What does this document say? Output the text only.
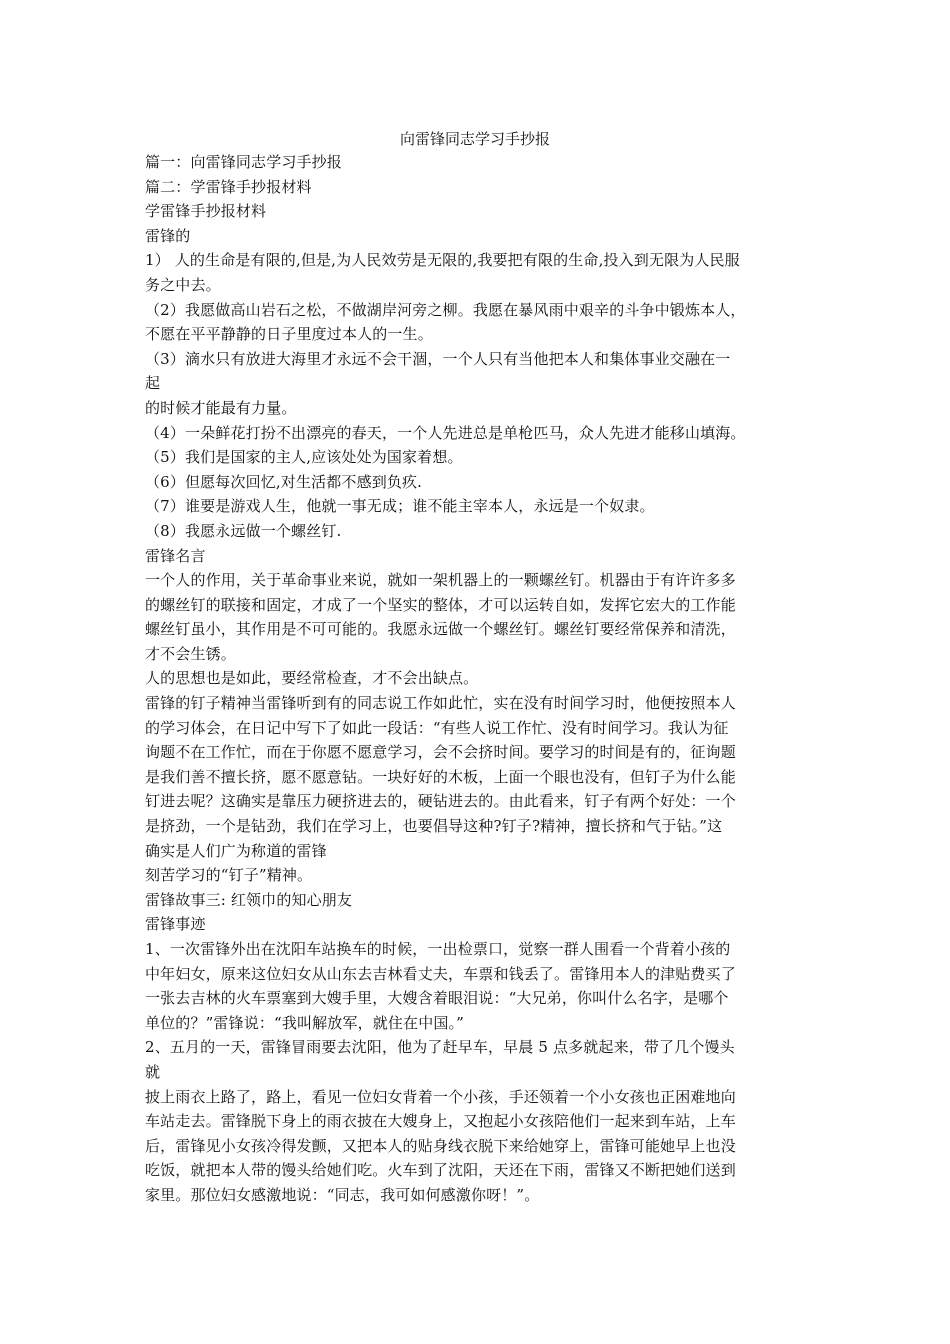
向雷锋同志学习手抄报
篇一：向雷锋同志学习手抄报
篇二：学雷锋手抄报材料
学雷锋手抄报材料
雷锋的
1） 人的生命是有限的,但是,为人民效劳是无限的,我要把有限的生命,投入到无限为人民服
务之中去。
（2）我愿做高山岩石之松，不做湖岸河旁之柳。我愿在暴风雨中艰辛的斗争中锻炼本人，
不愿在平平静静的日子里度过本人的一生。
（3）滴水只有放进大海里才永远不会干涸，一个人只有当他把本人和集体事业交融在一
起
的时候才能最有力量。
（4）一朵鲜花打扮不出漂亮的春天，一个人先进总是单枪匹马，众人先进才能移山填海。
（5）我们是国家的主人,应该处处为国家着想。
（6）但愿每次回忆,对生活都不感到负疚.
（7）谁要是游戏人生，他就一事无成；谁不能主宰本人，永远是一个奴隶。
（8）我愿永远做一个螺丝钉.
雷锋名言
一个人的作用，关于革命事业来说，就如一架机器上的一颗螺丝钉。机器由于有许许多多
的螺丝钉的联接和固定，才成了一个坚实的整体，才可以运转自如，发挥它宏大的工作能
螺丝钉虽小，其作用是不可可能的。我愿永远做一个螺丝钉。螺丝钉要经常保养和清洗，
才不会生锈。
人的思想也是如此，要经常检查，才不会出缺点。
雷锋的钉子精神当雷锋听到有的同志说工作如此忙，实在没有时间学习时，他便按照本人
的学习体会，在日记中写下了如此一段话：“有些人说工作忙、没有时间学习。我认为征
询题不在工作忙，而在于你愿不愿意学习，会不会挤时间。要学习的时间是有的，征询题
是我们善不擅长挤，愿不愿意钻。一块好好的木板，上面一个眼也没有，但钉子为什么能
钉进去呢？这确实是靠压力硬挤进去的，硬钻进去的。由此看来，钉子有两个好处：一个
是挤劲，一个是钻劲，我们在学习上，也要倡导这种?钉子?精神，擅长挤和气于钻。”这
确实是人们广为称道的雷锋
刻苦学习的“钉子”精神。
雷锋故事三: 红领巾的知心朋友
雷锋事迹
1、一次雷锋外出在沈阳车站换车的时候，一出检票口，觉察一群人围看一个背着小孩的
中年妇女，原来这位妇女从山东去吉林看丈夫，车票和钱丢了。雷锋用本人的津贴费买了
一张去吉林的火车票塞到大嫂手里，大嫂含着眼泪说：“大兄弟，你叫什么名字，是哪个
单位的？”雷锋说：“我叫解放军，就住在中国。”
2、五月的一天，雷锋冒雨要去沈阳，他为了赶早车，早晨 5 点多就起来，带了几个馒头
就
披上雨衣上路了，路上，看见一位妇女背着一个小孩，手还领着一个小女孩也正困难地向
车站走去。雷锋脱下身上的雨衣披在大嫂身上，又抱起小女孩陪他们一起来到车站，上车
后，雷锋见小女孩冷得发颤，又把本人的贴身线衣脱下来给她穿上，雷锋可能她早上也没
吃饭，就把本人带的馒头给她们吃。火车到了沈阳，天还在下雨，雷锋又不断把她们送到
家里。那位妇女感激地说：“同志，我可如何感激你呀！”。
